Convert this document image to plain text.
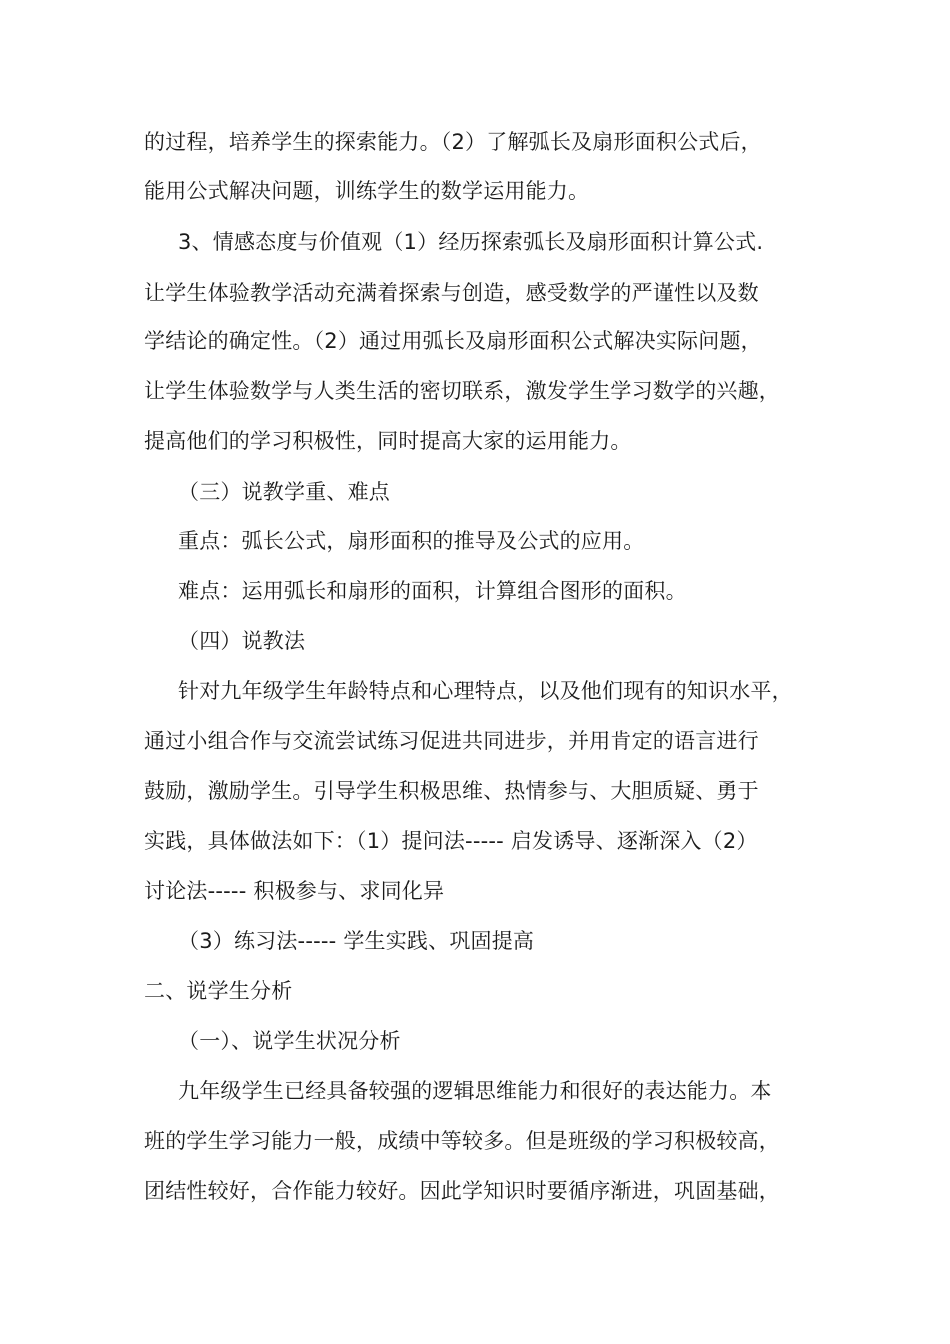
的过程，培养学生的探索能力。（2）了解弧长及扇形面积公式后，
能用公式解决问题，训练学生的数学运用能力。
3、情感态度与价值观（1）经历探索弧长及扇形面积计算公式.
让学生体验教学活动充满着探索与创造，感受数学的严谨性以及数
学结论的确定性。（2）通过用弧长及扇形面积公式解决实际问题，
让学生体验数学与人类生活的密切联系，激发学生学习数学的兴趣，
提高他们的学习积极性，同时提高大家的运用能力。
（三）说教学重、难点
重点：弧长公式，扇形面积的推导及公式的应用。
难点：运用弧长和扇形的面积，计算组合图形的面积。
（四）说教法
针对九年级学生年龄特点和心理特点，以及他们现有的知识水平，
通过小组合作与交流尝试练习促进共同进步，并用肯定的语言进行
鼓励，激励学生。引导学生积极思维、热情参与、大胆质疑、勇于
实践，具体做法如下：（1）提问法----- 启发诱导、逐渐深入（2）
讨论法----- 积极参与、求同化异
（3）练习法----- 学生实践、巩固提高
二、说学生分析
（一）、说学生状况分析
九年级学生已经具备较强的逻辑思维能力和很好的表达能力。本
班的学生学习能力一般，成绩中等较多。但是班级的学习积极较高，
团结性较好，合作能力较好。因此学知识时要循序渐进，巩固基础，
